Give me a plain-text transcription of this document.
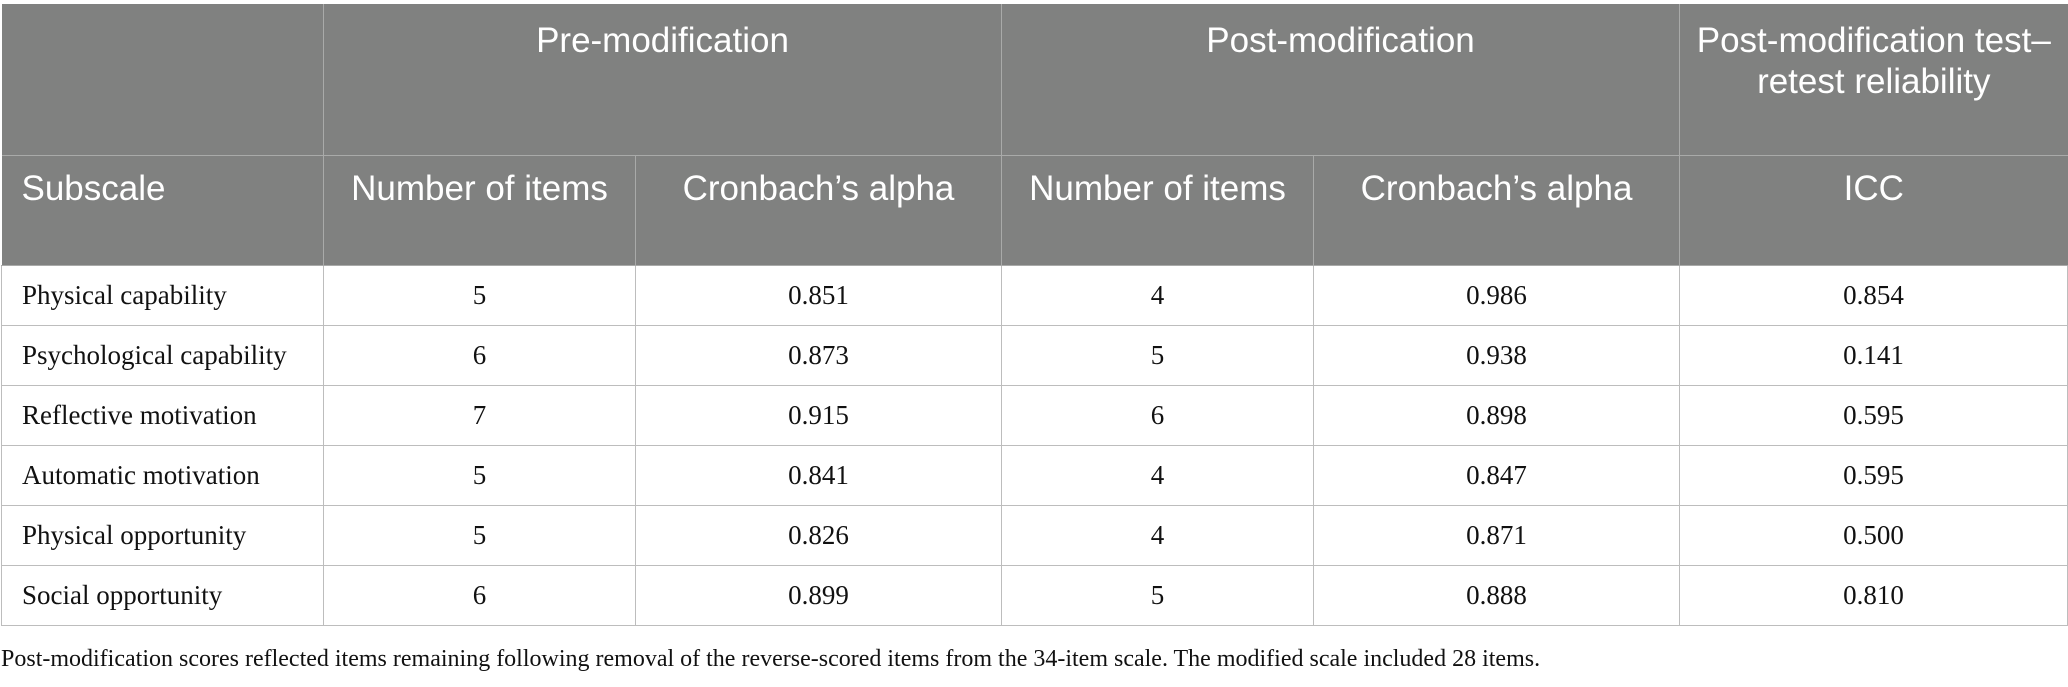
	Pre-modification		Post-modification		Post-modification test–retest reliability
Subscale	Number of items	Cronbach’s alpha	Number of items	Cronbach’s alpha	ICC
Physical capability	5	0.851	4	0.986	0.854
Psychological capability	6	0.873	5	0.938	0.141
Reflective motivation	7	0.915	6	0.898	0.595
Automatic motivation	5	0.841	4	0.847	0.595
Physical opportunity	5	0.826	4	0.871	0.500
Social opportunity	6	0.899	5	0.888	0.810
Post-modification scores reflected items remaining following removal of the reverse-scored items from the 34-item scale. The modified scale included 28 items.
